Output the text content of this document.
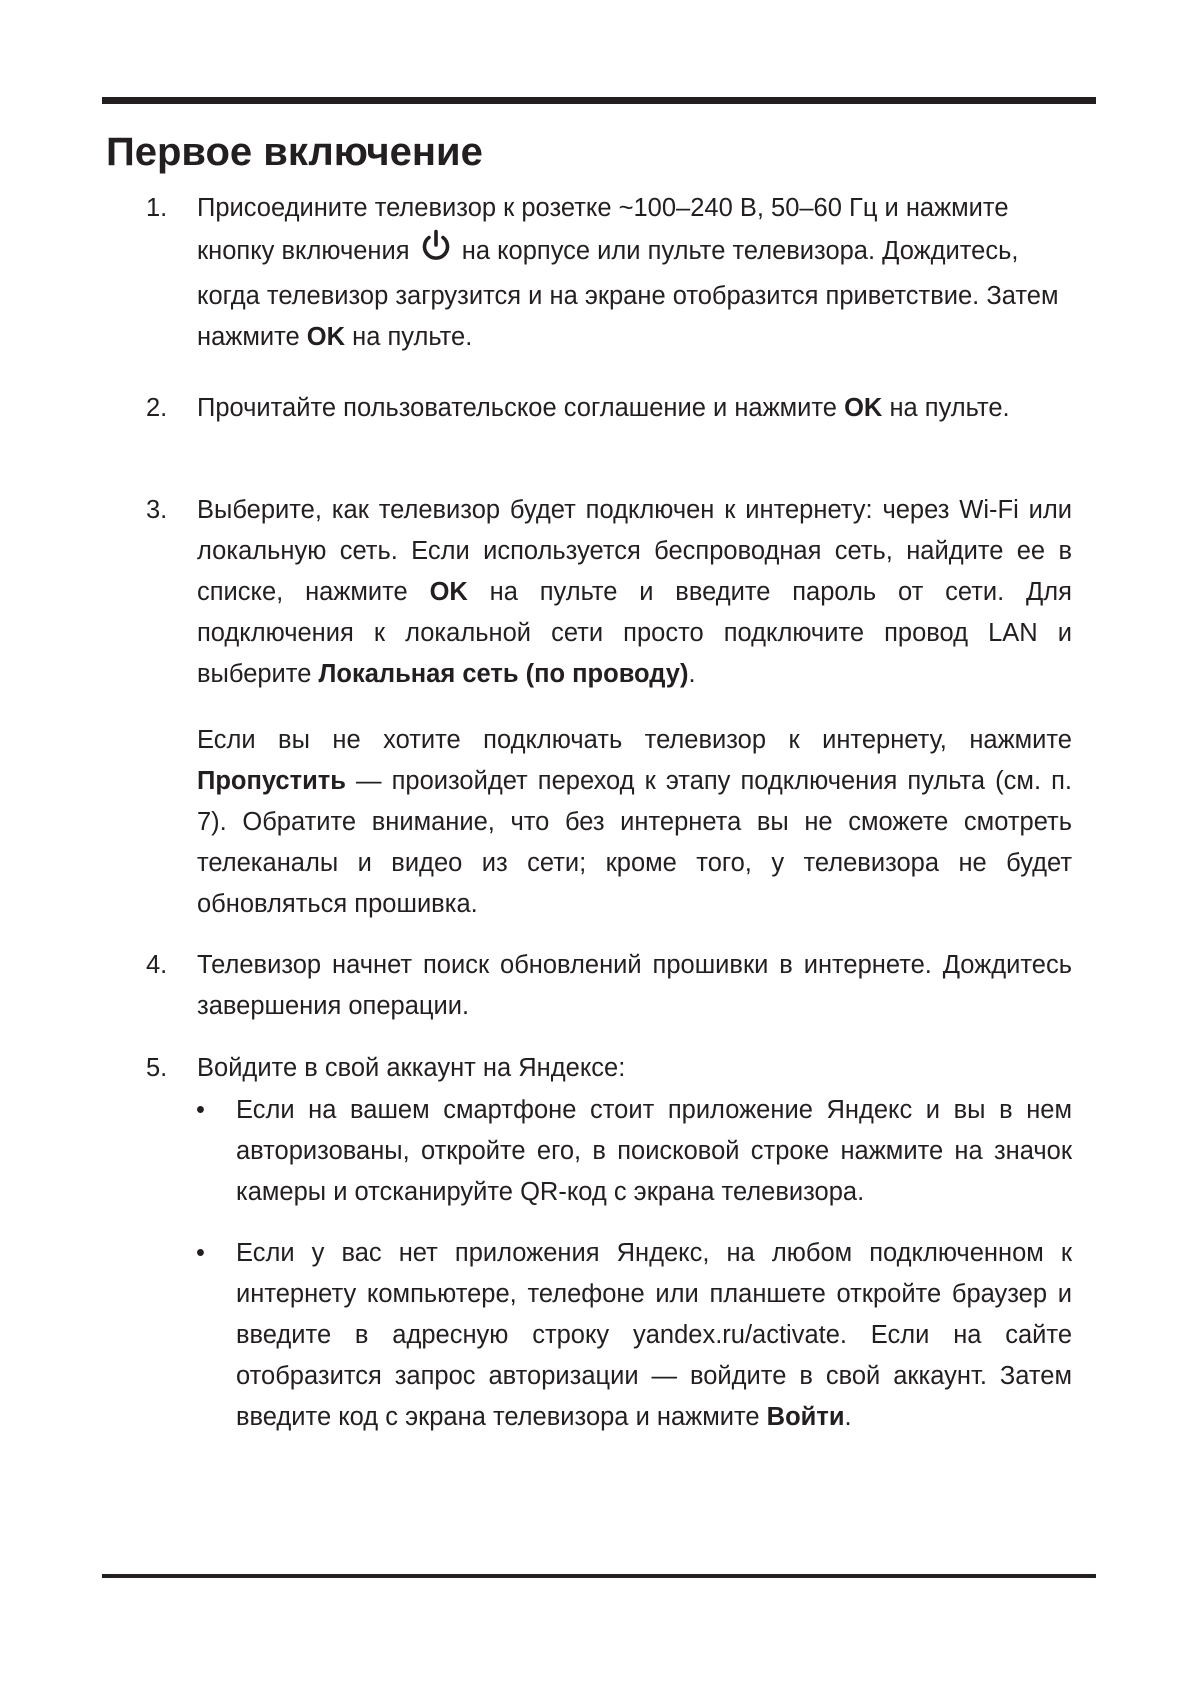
Первое включение
1.	Присоедините телевизор к розетке ~100–240 В, 50–60 Гц и нажмите кнопку включения на корпусе или пульте телевизора. Дождитесь, когда телевизор загрузится и на экране отобразится приветствие. Затем нажмите OK на пульте.
2.	Прочитайте пользовательское соглашение и нажмите OK на пульте.
3.	Выберите, как телевизор будет подключен к интернету: через Wi-Fi или локальную сеть. Если используется беспроводная сеть, найдите ее в списке, нажмите OK на пульте и введите пароль от сети. Для подключения к локальной сети просто подключите провод LAN и выберите Локальная сеть (по проводу).
Если вы не хотите подключать телевизор к интернету, нажмите Пропустить — произойдет переход к этапу подключения пульта (см. п. 7). Обратите внимание, что без интернета вы не сможете смотреть телеканалы и видео из сети; кроме того, у телевизора не будет обновляться прошивка.
4.	Телевизор начнет поиск обновлений прошивки в интернете. Дождитесь завершения операции.
5.	Войдите в свой аккаунт на Яндексе:
•	Если на вашем смартфоне стоит приложение Яндекс и вы в нем авторизованы, откройте его, в поисковой строке нажмите на значок камеры и отсканируйте QR-код с экрана телевизора.
•	Если у вас нет приложения Яндекс, на любом подключенном к интернету компьютере, телефоне или планшете откройте браузер и введите в адресную строку yandex.ru/activate. Если на сайте отобразится запрос авторизации — войдите в свой аккаунт. Затем введите код с экрана телевизора и нажмите Войти.
